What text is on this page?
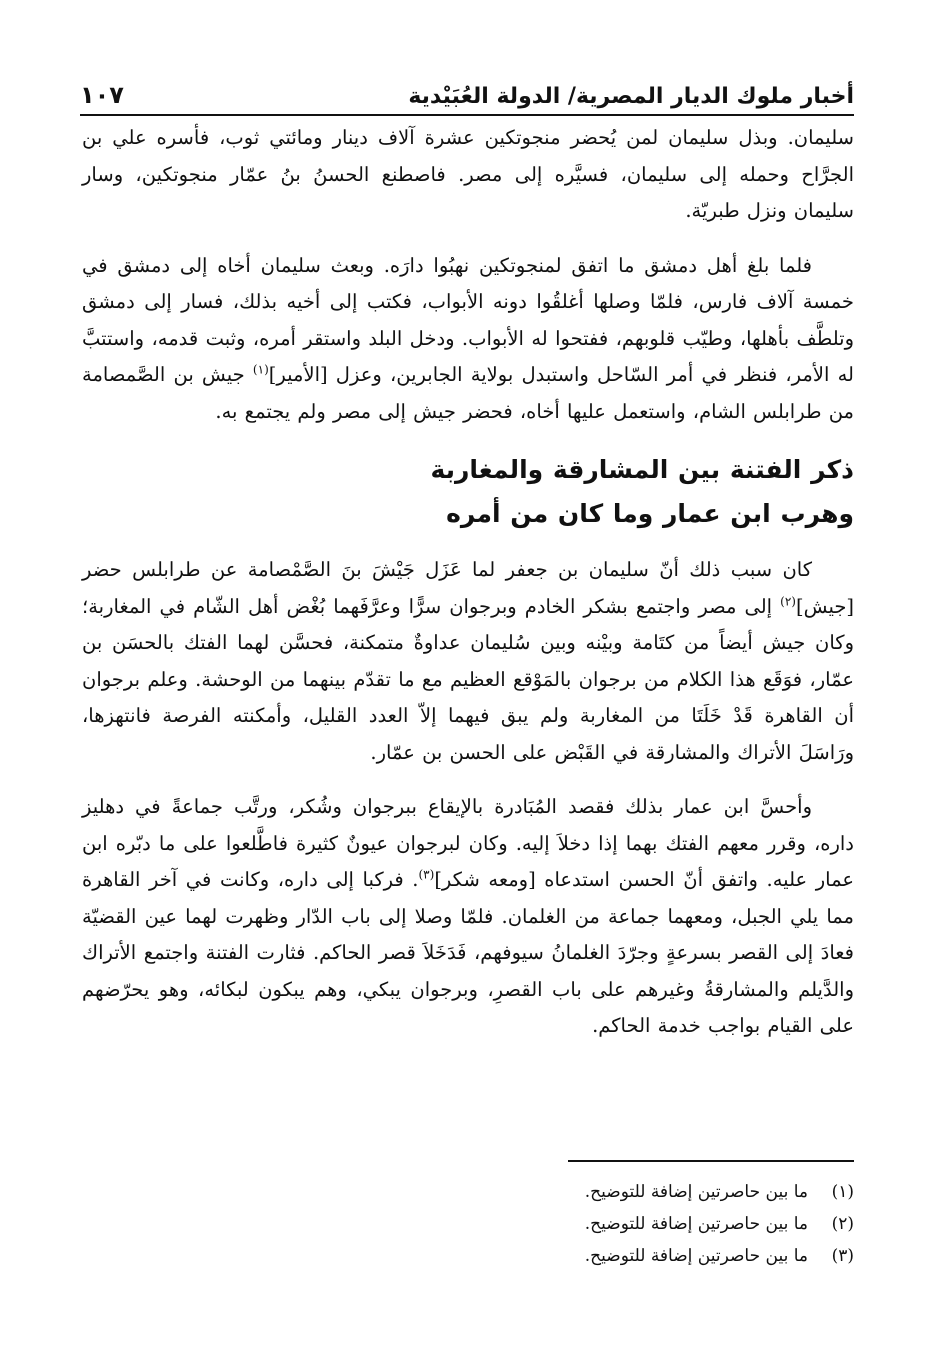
أخبار ملوك الديار المصرية/ الدولة العُبَيْدية
١٠٧

سليمان. وبذل سليمان لمن يُحضر منجوتكين عشرة آلاف دينار ومائتي ثوب، فأسره علي بن الجرَّاح وحمله إلى سليمان، فسيَّره إلى مصر. فاصطنع الحسنُ بنُ عمّار منجوتكين، وسار سليمان ونزل طبريّة.

فلما بلغ أهل دمشق ما اتفق لمنجوتكين نهبُوا دارَه. وبعث سليمان أخاه إلى دمشق في خمسة آلاف فارس، فلمّا وصلها أغلقُوا دونه الأبواب، فكتب إلى أخيه بذلك، فسار إلى دمشق وتلطَّف بأهلها، وطيّب قلوبهم، ففتحوا له الأبواب. ودخل البلد واستقر أمره، وثبت قدمه، واستتبَّ له الأمر، فنظر في أمر السّاحل واستبدل بولاية الجابرين، وعزل [الأمير]$^{(١)}$ جيش بن الصَّمصامة من طرابلس الشام، واستعمل عليها أخاه، فحضر جيش إلى مصر ولم يجتمع به.

ذكر الفتنة بين المشارقة والمغاربة
وهرب ابن عمار وما كان من أمره

كان سبب ذلك أنّ سليمان بن جعفر لما عَزَل جَيْشَ بنَ الصَّمْصامة عن طرابلس حضر [جيش]$^{(٢)}$ إلى مصر واجتمع بشكر الخادم وبرجوان سرًّا وعرَّفَهما بُغْض أهل الشّام في المغاربة؛ وكان جيش أيضاً من كتَامة وبيْنه وبين سُليمان عداوةٌ متمكنة، فحسَّن لهما الفتك بالحسَن بن عمّار، فوَقَع هذا الكلام من برجوان بالمَوْقع العظيم مع ما تقدّم بينهما من الوحشة. وعلم برجوان أن القاهرة قَدْ خَلَتَا من المغاربة ولم يبق فيهما إلاّ العدد القليل، وأمكنته الفرصة فانتهزها، ورَاسَلَ الأتراك والمشارقة في القَبْض على الحسن بن عمّار.

وأحسَّ ابن عمار بذلك فقصد المُبَادرة بالإيقاع ببرجوان وشُكر، ورتَّب جماعةً في دهليز داره، وقرر معهم الفتك بهما إذا دخلاَ إليه. وكان لبرجوان عيونٌ كثيرة فاطَّلعوا على ما دبّره ابن عمار عليه. واتفق أنّ الحسن استدعاه [ومعه شكر]$^{(٣)}$. فركبا إلى داره، وكانت في آخر القاهرة مما يلي الجبل، ومعهما جماعة من الغلمان. فلمّا وصلا إلى باب الدّار وظهرت لهما عين القضيّة فعادَ إلى القصر بسرعةٍ وجرّدَ الغلمانُ سيوفهم، فَدَخَلاَ قصر الحاكم. فثارت الفتنة واجتمع الأتراك والدَّيلم والمشارقةُ وغيرهم على باب القصرِ، وبرجوان يبكي، وهم يبكون لبكائه، وهو يحرّضهم على القيام بواجب خدمة الحاكم.

(١)
ما بين حاصرتين إضافة للتوضيح.
(٢)
ما بين حاصرتين إضافة للتوضيح.
(٣)
ما بين حاصرتين إضافة للتوضيح.
